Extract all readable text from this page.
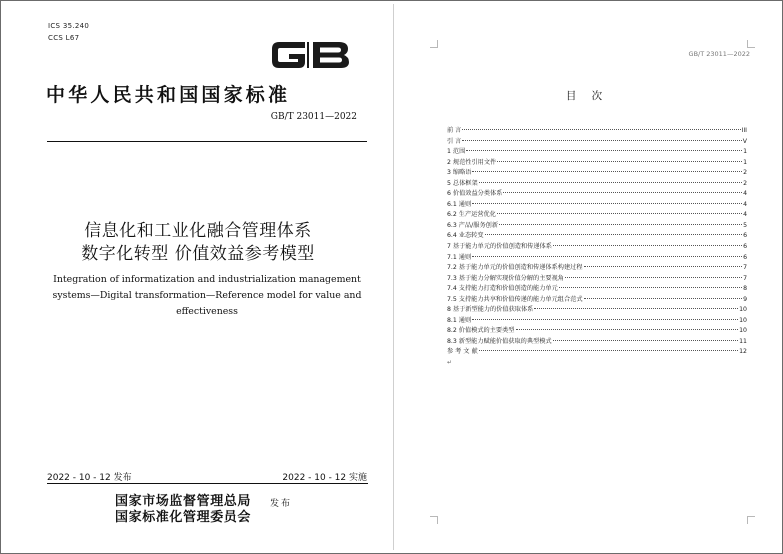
ICS 35.240
CCS L67
中华人民共和国国家标准
GB/T 23011—2022
信息化和工业化融合管理体系
数字化转型 价值效益参考模型
Integration of informatization and industrialization management systems—Digital transformation—Reference model for value and effectiveness
2022 - 10 - 12 发布	2022 - 10 - 12 实施
国家市场监督管理总局
国家标准化管理委员会
发布
GB/T 23011—2022
目 次
前 言	III
引 言	V
1 范围	1
2 规范性引用文件	1
3 缩略语	2
5 总体框架	2
6 价值效益分类体系	4
6.1 通则	4
6.2 生产运营优化	4
6.3 产品/服务创新	5
6.4 业态转变	6
7 基于能力单元的价值创造和传递体系	6
7.1 通则	6
7.2 基于能力单元的价值创造和传递体系构建过程	7
7.3 基于能力分解实现价值分解的主要视角	7
7.4 支持能力打造和价值创造的能力单元	8
7.5 支持能力共享和价值传递的能力单元组合范式	9
8 基于新型能力的价值获取体系	10
8.1 通则	10
8.2 价值模式的主要类型	10
8.3 新型能力赋能价值获取的典型模式	11
参 考 文 献	12
↵
